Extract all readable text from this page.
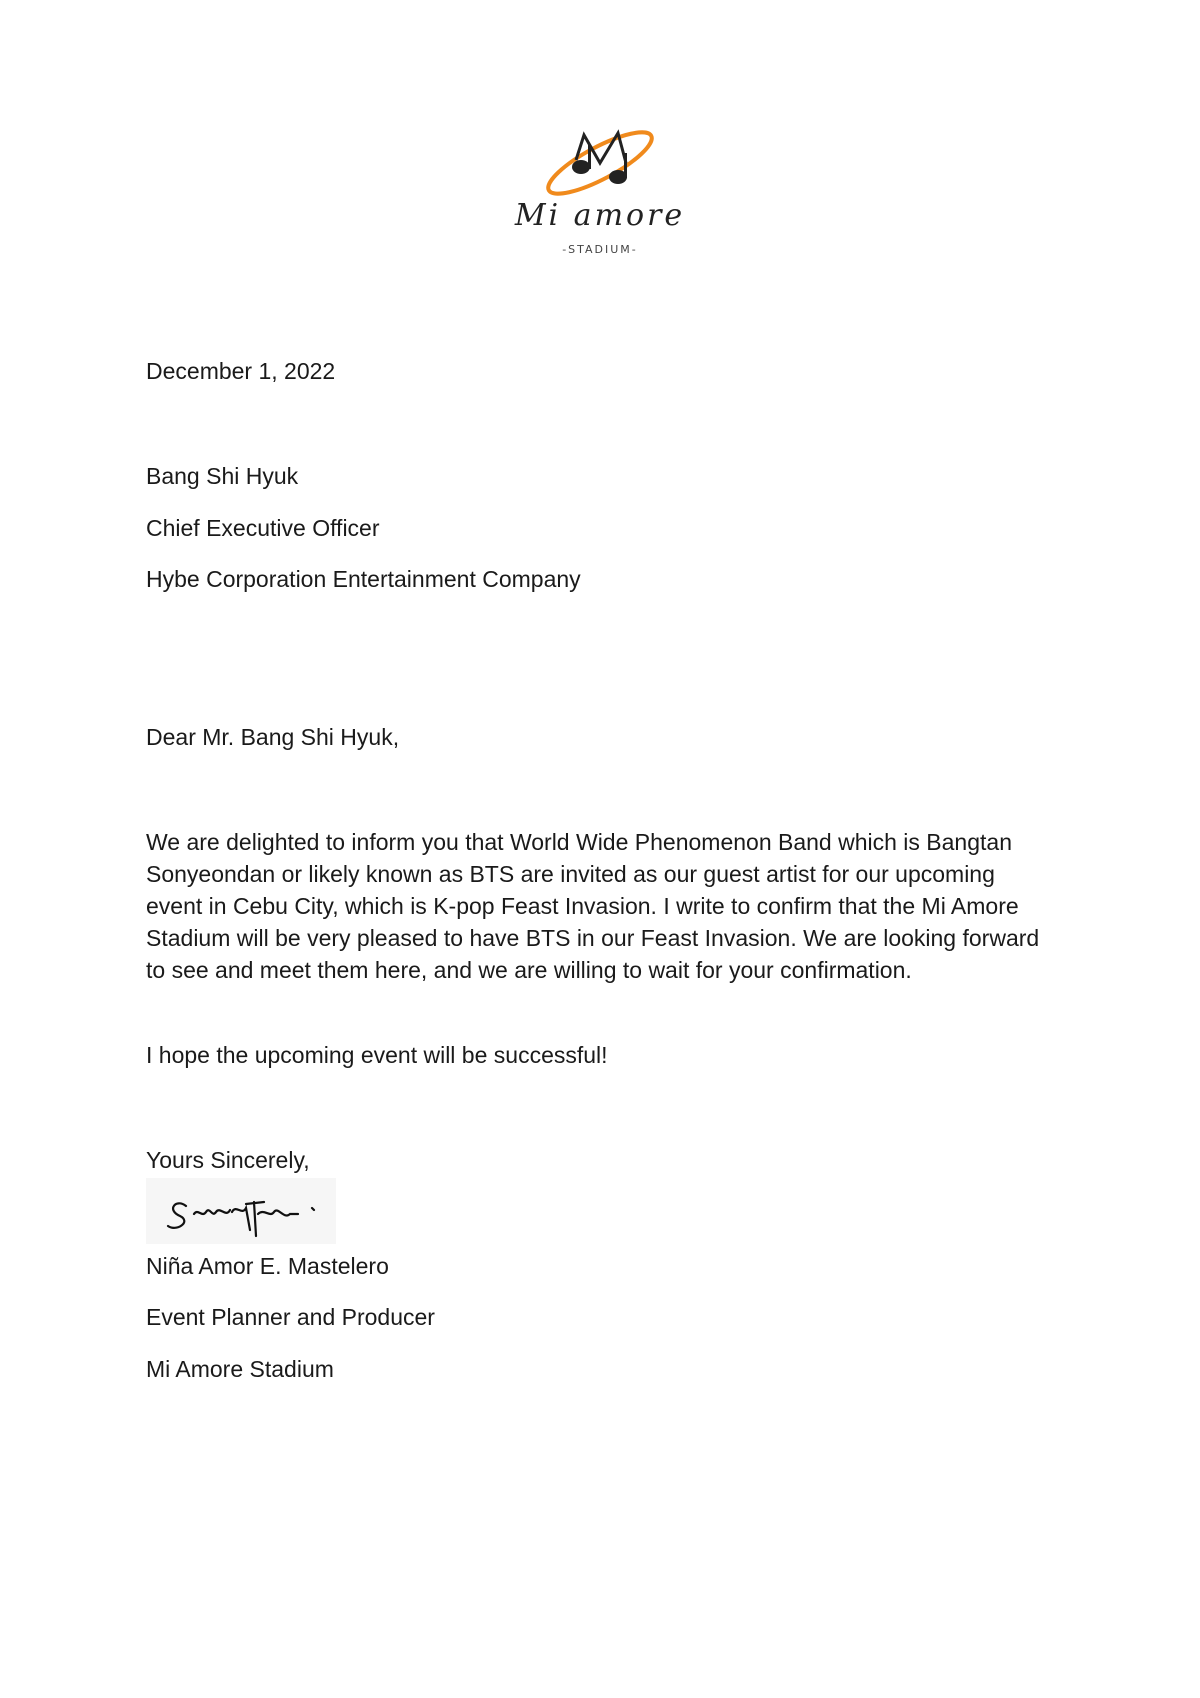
Mi amore
-STADIUM-

December 1, 2022

Bang Shi Hyuk

Chief Executive Officer

Hybe Corporation Entertainment Company

Dear Mr. Bang Shi Hyuk,

We are delighted to inform you that World Wide Phenomenon Band which is Bangtan Sonyeondan or likely known as BTS are invited as our guest artist for our upcoming event in Cebu City, which is K-pop Feast Invasion. I write to confirm that the Mi Amore Stadium will be very pleased to have BTS in our Feast Invasion. We are looking forward to see and meet them here, and we are willing to wait for your confirmation.

I hope the upcoming event will be successful!

Yours Sincerely,

Niña Amor E. Mastelero

Event Planner and Producer

Mi Amore Stadium
